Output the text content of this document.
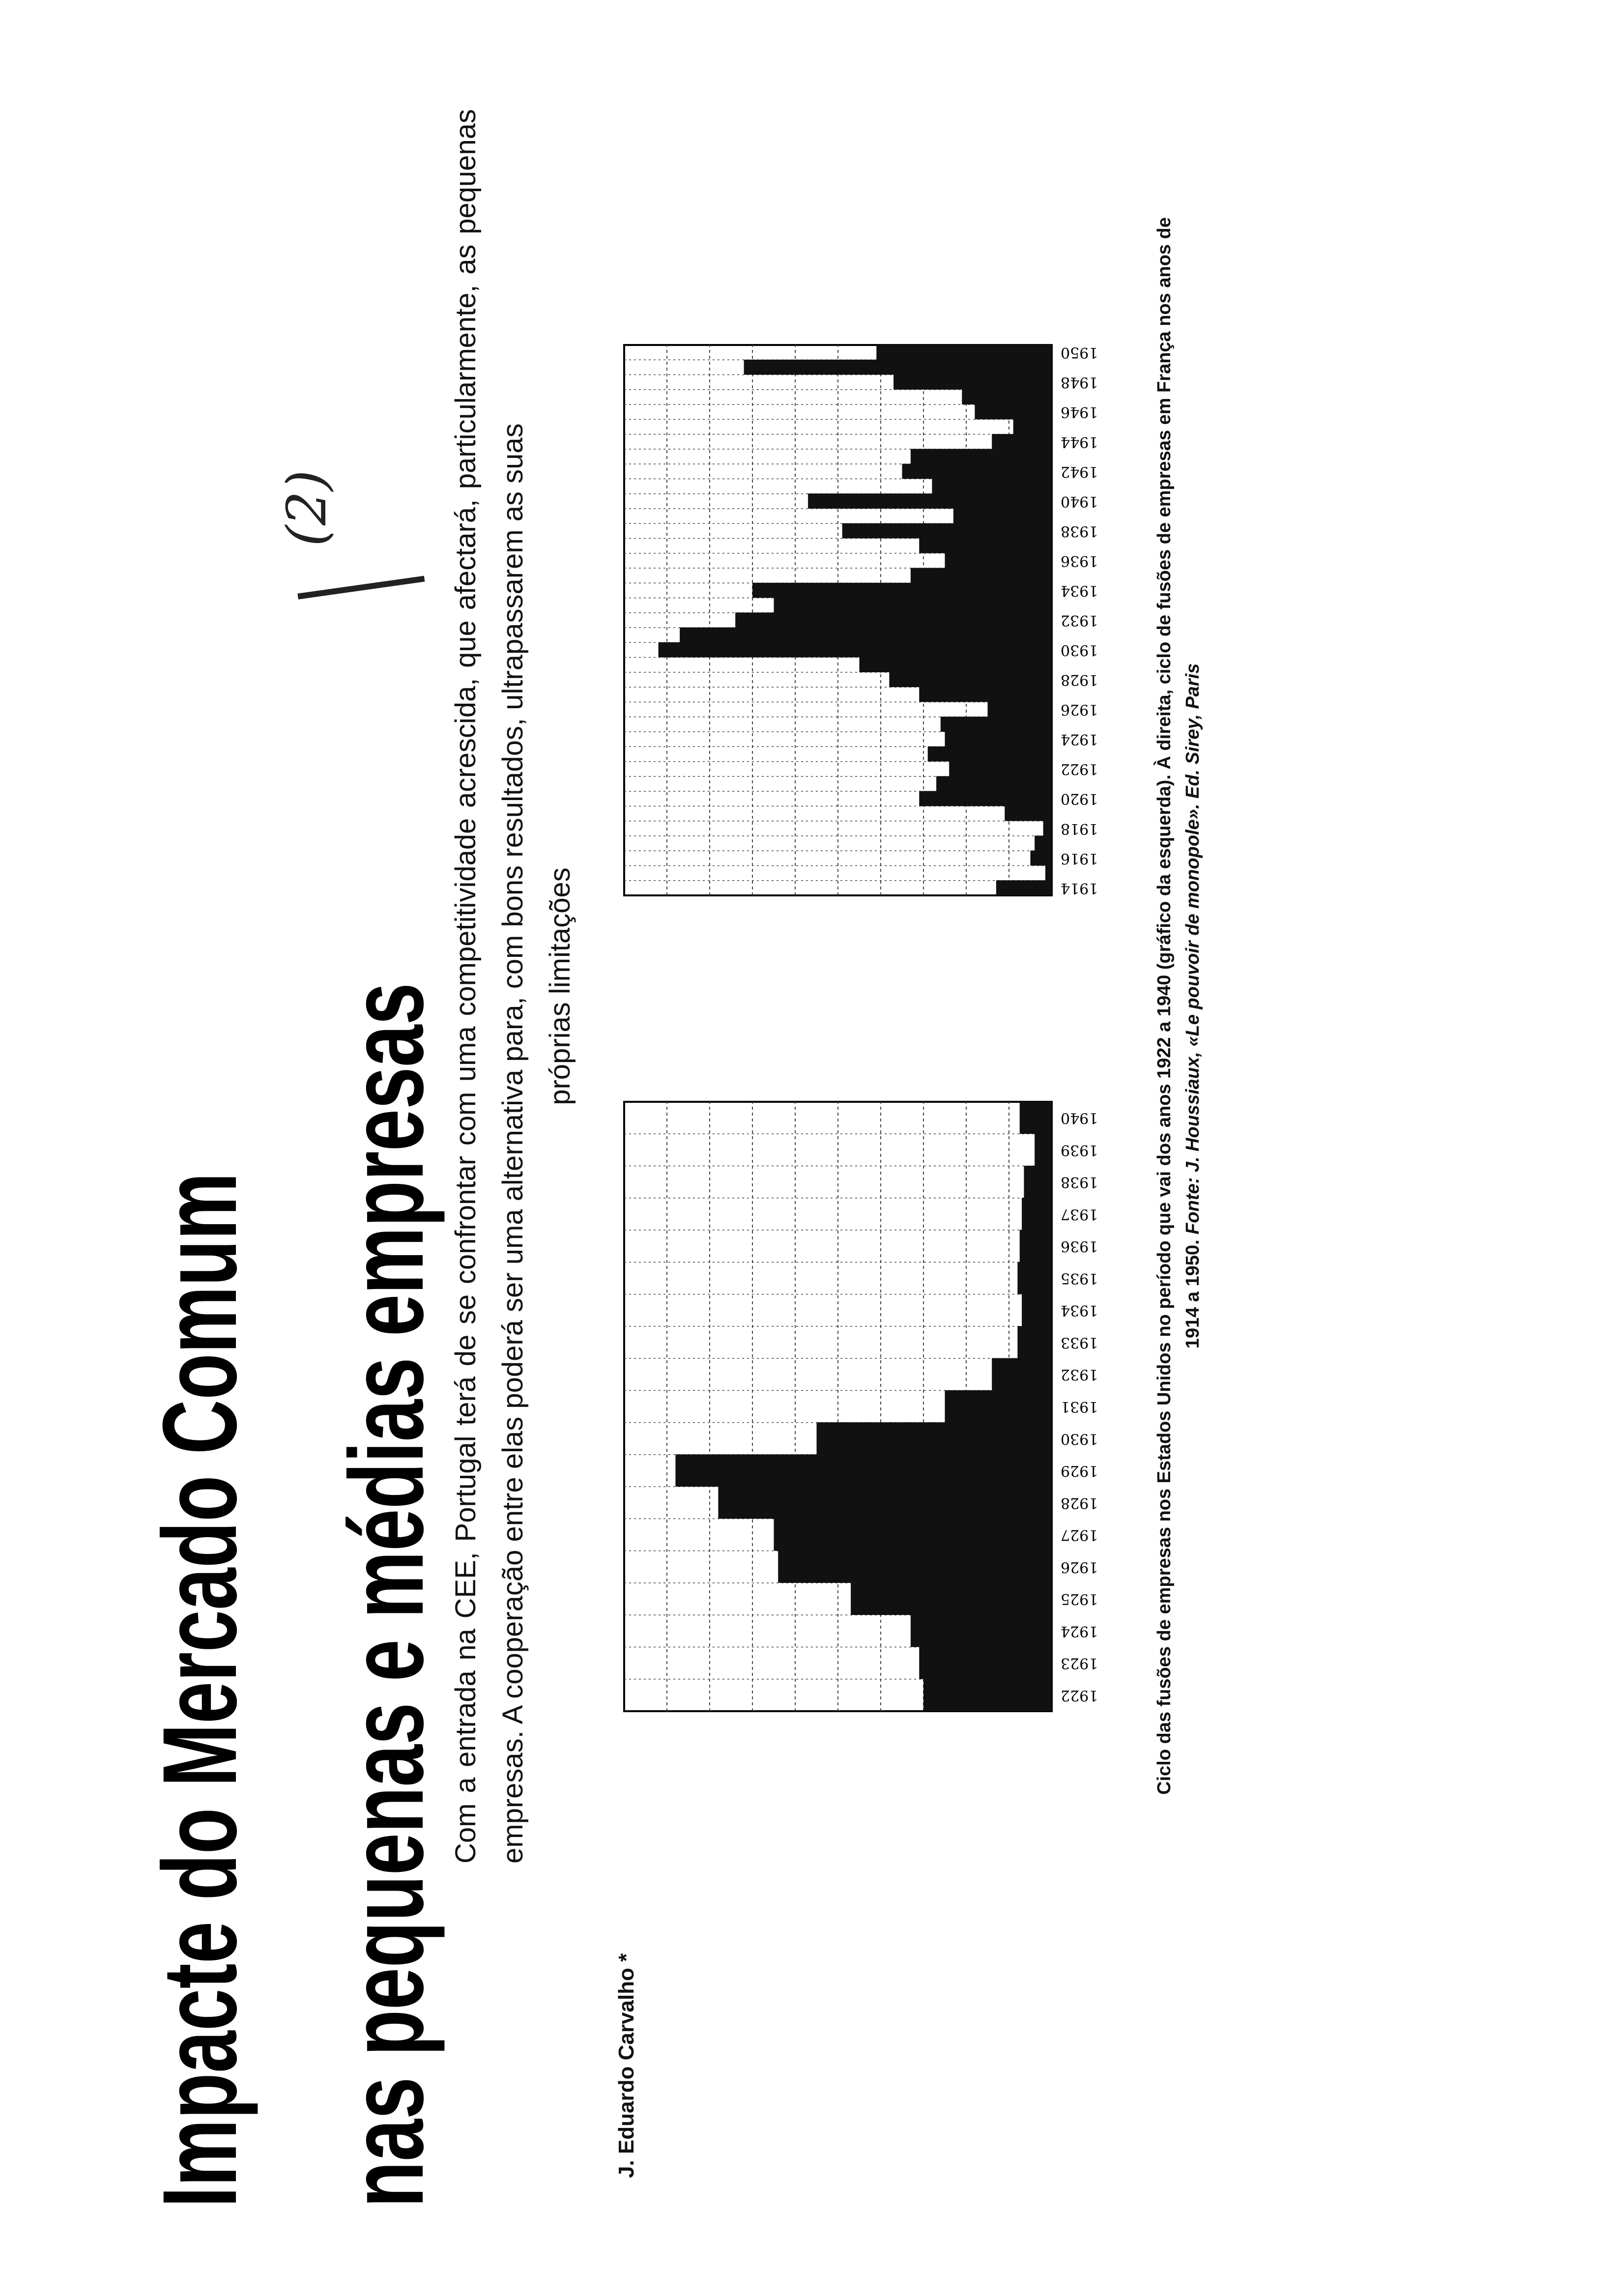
Impacte do Mercado Comum nas pequenas e médias empresas

(2)	Com a entrada na CEE, Portugal terá de se confrontar com uma competitividade acrescida, que afectará, particularmente, as pequenas empresas. A cooperação entre elas poderá ser uma alternativa para, com bons resultados, ultrapassarem as suas próprias limitações

J. Eduardo Carvalho *

1922
1923
1924
1925
1926
1927
1928
1929
1930
1931
1932
1933
1934
1935
1936
1937
1938
1939
1940
1914
1916
1918
1920
1922
1924
1926
1928
1930
1932
1934
1936
1938
1940
1942
1944
1946
1948
1950	Ciclo das fusões de empresas nos Estados Unidos no período que vai dos anos 1922 a 1940 (gráfico da esquerda). À direita, ciclo de fusões de empresas em França nos anos de 1914 a 1950. Fonte: J. Houssiaux, «Le pouvoir de monopole». Ed. Sirey, Paris
